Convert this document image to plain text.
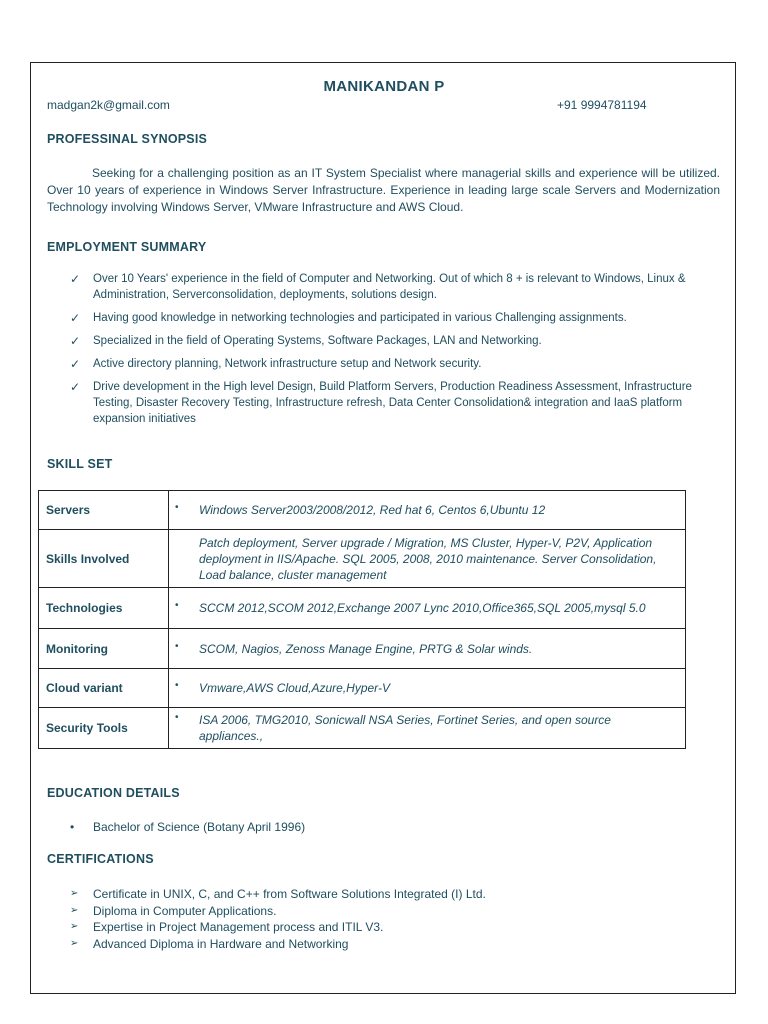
MANIKANDAN P
madgan2k@gmail.com	+91 9994781194
PROFESSINAL SYNOPSIS
Seeking for a challenging position as an IT System Specialist where managerial skills and experience will be utilized. Over 10 years of experience in Windows Server Infrastructure. Experience in leading large scale Servers and Modernization Technology involving Windows Server, VMware Infrastructure and AWS Cloud.
EMPLOYMENT SUMMARY
✓ Over 10 Years' experience in the field of Computer and Networking. Out of which 8 + is relevant to Windows, Linux & Administration, Serverconsolidation, deployments, solutions design.
✓ Having good knowledge in networking technologies and participated in various Challenging assignments.
✓ Specialized in the field of Operating Systems, Software Packages, LAN and Networking.
✓ Active directory planning, Network infrastructure setup and Network security.
✓ Drive development in the High level Design, Build Platform Servers, Production Readiness Assessment, Infrastructure Testing, Disaster Recovery Testing, Infrastructure refresh, Data Center Consolidation& integration and IaaS platform expansion initiatives
SKILL SET
Servers	• Windows Server2003/2008/2012, Red hat 6, Centos 6,Ubuntu 12
Skills Involved	Patch deployment, Server upgrade / Migration, MS Cluster, Hyper-V, P2V, Application deployment in IIS/Apache. SQL 2005, 2008, 2010 maintenance. Server Consolidation, Load balance, cluster management
Technologies	• SCCM 2012,SCOM 2012,Exchange 2007 Lync 2010,Office365,SQL 2005,mysql 5.0
Monitoring	• SCOM, Nagios, Zenoss Manage Engine, PRTG & Solar winds.
Cloud variant	• Vmware,AWS Cloud,Azure,Hyper-V
Security Tools	• ISA 2006, TMG2010, Sonicwall NSA Series, Fortinet Series, and open source appliances.,
EDUCATION DETAILS
• Bachelor of Science (Botany April 1996)
CERTIFICATIONS
➢ Certificate in UNIX, C, and C++ from Software Solutions Integrated (I) Ltd.
➢ Diploma in Computer Applications.
➢ Expertise in Project Management process and ITIL V3.
➢ Advanced Diploma in Hardware and Networking
